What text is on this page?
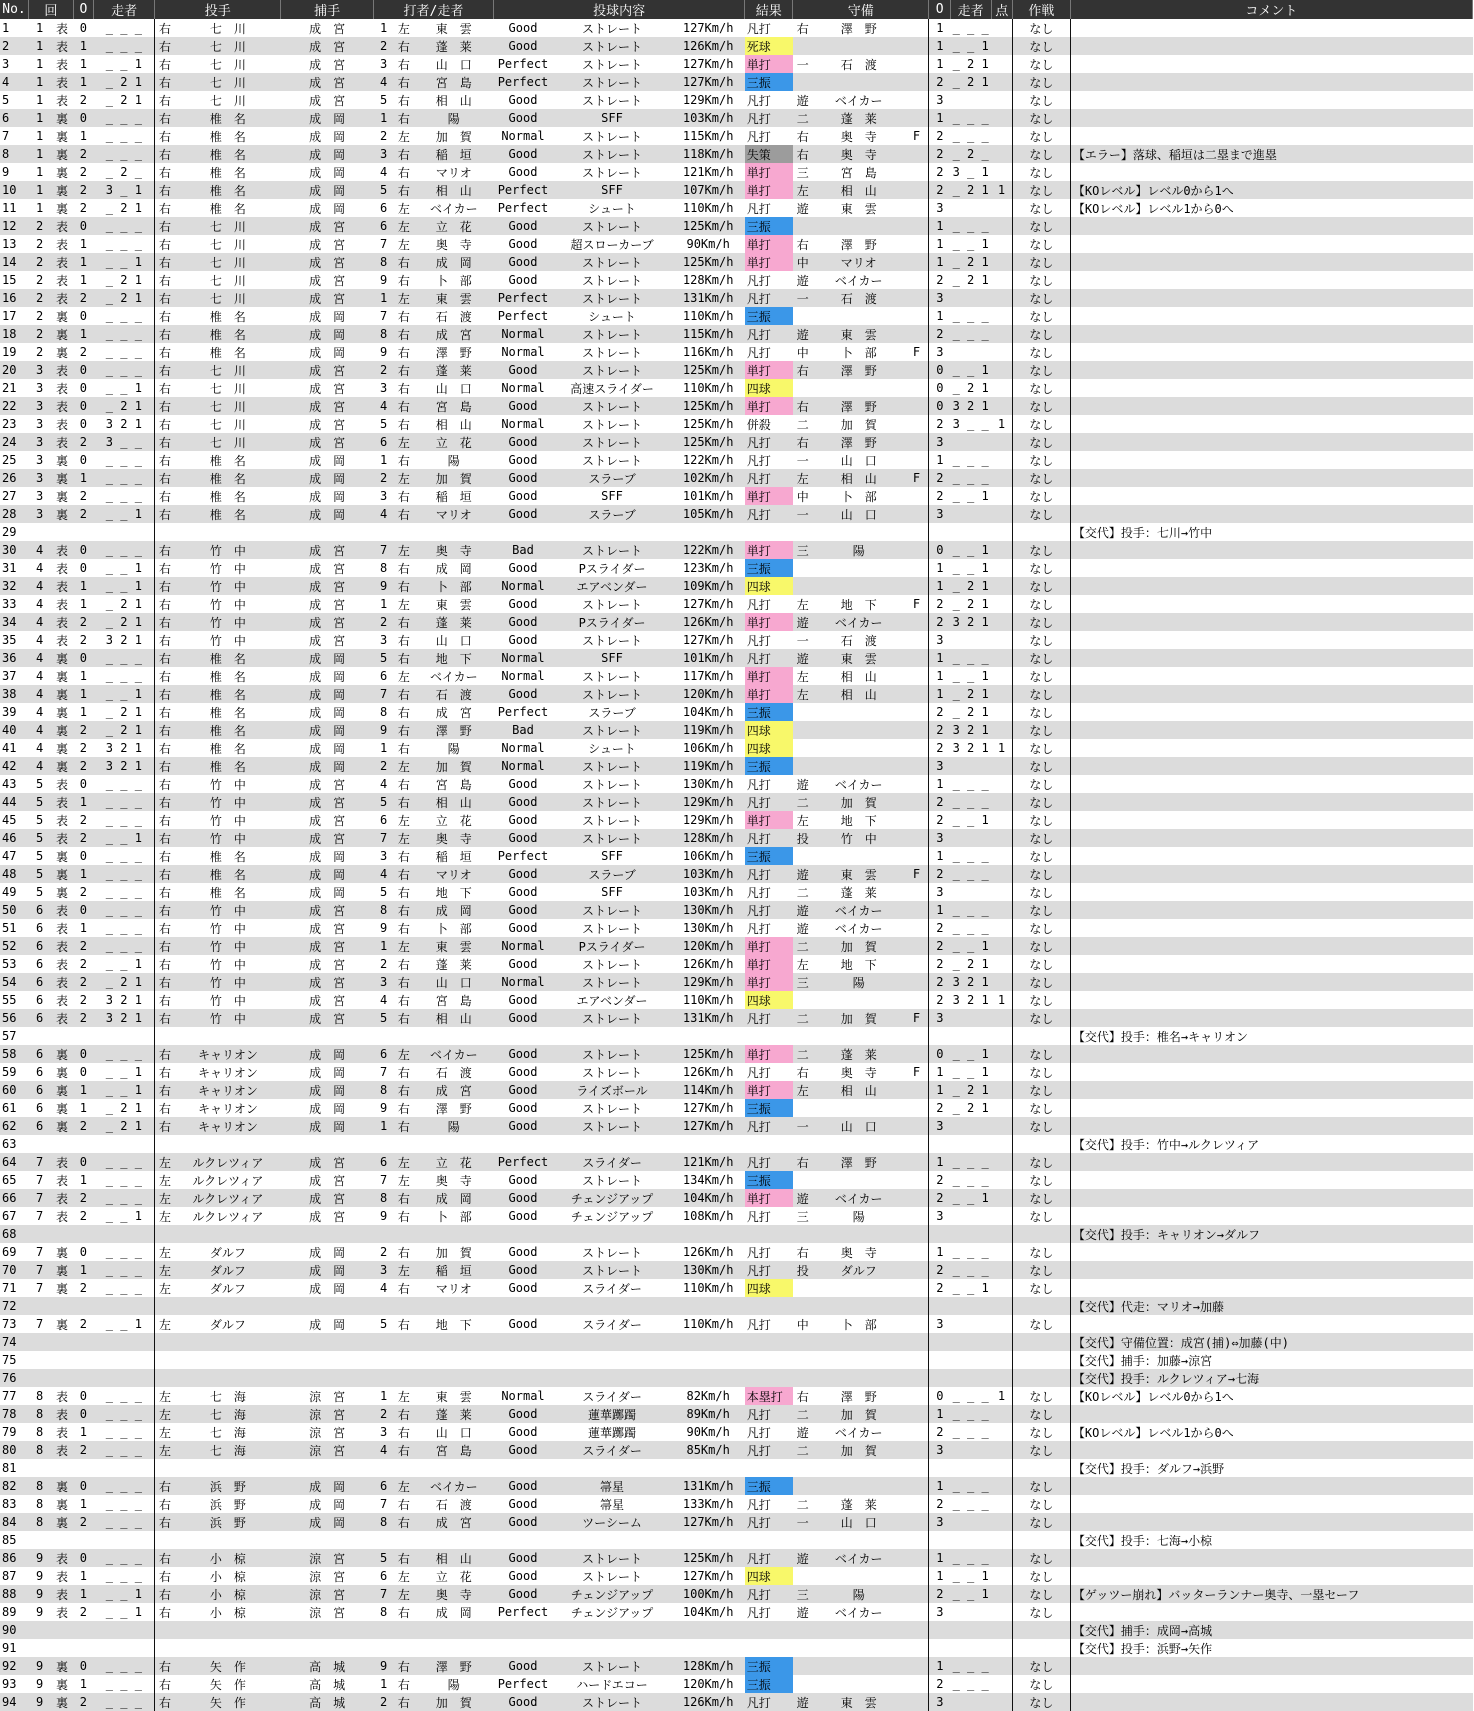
No.	回		O	走者	投手		捕手	打者/走者			投球内容			結果	守備			O	走者	点	作戦	コメント
1	1	表	0	_ _ _	右	七　川	成　宮	1	左	東　雲	Good	ストレート	127Km/h	凡打	右	澤　野		1	_ _ _		なし	
2	1	表	1	_ _ _	右	七　川	成　宮	2	右	蓬　莱	Good	ストレート	126Km/h	死球				1	_ _ 1		なし	
3	1	表	1	_ _ 1	右	七　川	成　宮	3	右	山　口	Perfect	ストレート	127Km/h	単打	一	石　渡		1	_ 2 1		なし	
4	1	表	1	_ 2 1	右	七　川	成　宮	4	右	宮　島	Perfect	ストレート	127Km/h	三振				2	_ 2 1		なし	
5	1	表	2	_ 2 1	右	七　川	成　宮	5	右	相　山	Good	ストレート	129Km/h	凡打	遊	ベイカー		3			なし	
6	1	裏	0	_ _ _	右	椎　名	成　岡	1	右	陽	Good	SFF	103Km/h	凡打	二	蓬　莱		1	_ _ _		なし	
7	1	裏	1	_ _ _	右	椎　名	成　岡	2	左	加　賀	Normal	ストレート	115Km/h	凡打	右	奥　寺	F	2	_ _ _		なし	
8	1	裏	2	_ _ _	右	椎　名	成　岡	3	右	稲　垣	Good	ストレート	118Km/h	失策	右	奥　寺		2	_ 2 _		なし	【エラー】落球、稲垣は二塁まで進塁
9	1	裏	2	_ 2 _	右	椎　名	成　岡	4	右	マリオ	Good	ストレート	121Km/h	単打	三	宮　島		2	3 _ 1		なし	
10	1	裏	2	3 _ 1	右	椎　名	成　岡	5	右	相　山	Perfect	SFF	107Km/h	単打	左	相　山		2	_ 2 1	1	なし	【KOレベル】レベル0から1へ
11	1	裏	2	_ 2 1	右	椎　名	成　岡	6	左	ベイカー	Perfect	シュート	110Km/h	凡打	遊	東　雲		3			なし	【KOレベル】レベル1から0へ
12	2	表	0	_ _ _	右	七　川	成　宮	6	左	立　花	Good	ストレート	125Km/h	三振				1	_ _ _		なし	
13	2	表	1	_ _ _	右	七　川	成　宮	7	左	奥　寺	Good	超スローカーブ	90Km/h	単打	右	澤　野		1	_ _ 1		なし	
14	2	表	1	_ _ 1	右	七　川	成　宮	8	右	成　岡	Good	ストレート	125Km/h	単打	中	マリオ		1	_ 2 1		なし	
15	2	表	1	_ 2 1	右	七　川	成　宮	9	右	卜　部	Good	ストレート	128Km/h	凡打	遊	ベイカー		2	_ 2 1		なし	
16	2	表	2	_ 2 1	右	七　川	成　宮	1	左	東　雲	Perfect	ストレート	131Km/h	凡打	一	石　渡		3			なし	
17	2	裏	0	_ _ _	右	椎　名	成　岡	7	右	石　渡	Perfect	シュート	110Km/h	三振				1	_ _ _		なし	
18	2	裏	1	_ _ _	右	椎　名	成　岡	8	右	成　宮	Normal	ストレート	115Km/h	凡打	遊	東　雲		2	_ _ _		なし	
19	2	裏	2	_ _ _	右	椎　名	成　岡	9	右	澤　野	Normal	ストレート	116Km/h	凡打	中	卜　部	F	3			なし	
20	3	表	0	_ _ _	右	七　川	成　宮	2	右	蓬　莱	Good	ストレート	125Km/h	単打	右	澤　野		0	_ _ 1		なし	
21	3	表	0	_ _ 1	右	七　川	成　宮	3	右	山　口	Normal	高速スライダー	110Km/h	四球				0	_ 2 1		なし	
22	3	表	0	_ 2 1	右	七　川	成　宮	4	右	宮　島	Good	ストレート	125Km/h	単打	右	澤　野		0	3 2 1		なし	
23	3	表	0	3 2 1	右	七　川	成　宮	5	右	相　山	Normal	ストレート	125Km/h	併殺	二	加　賀		2	3 _ _	1	なし	
24	3	表	2	3 _ _	右	七　川	成　宮	6	左	立　花	Good	ストレート	125Km/h	凡打	右	澤　野		3			なし	
25	3	裏	0	_ _ _	右	椎　名	成　岡	1	右	陽	Good	ストレート	122Km/h	凡打	一	山　口		1	_ _ _		なし	
26	3	裏	1	_ _ _	右	椎　名	成　岡	2	左	加　賀	Good	スラーブ	102Km/h	凡打	左	相　山	F	2	_ _ _		なし	
27	3	裏	2	_ _ _	右	椎　名	成　岡	3	右	稲　垣	Good	SFF	101Km/h	単打	中	卜　部		2	_ _ 1		なし	
28	3	裏	2	_ _ 1	右	椎　名	成　岡	4	右	マリオ	Good	スラーブ	105Km/h	凡打	一	山　口		3			なし	
29																						【交代】投手：七川→竹中
30	4	表	0	_ _ _	右	竹　中	成　宮	7	左	奥　寺	Bad	ストレート	122Km/h	単打	三	陽		0	_ _ 1		なし	
31	4	表	0	_ _ 1	右	竹　中	成　宮	8	右	成　岡	Good	Pスライダー	123Km/h	三振				1	_ _ 1		なし	
32	4	表	1	_ _ 1	右	竹　中	成　宮	9	右	卜　部	Normal	エアベンダー	109Km/h	四球				1	_ 2 1		なし	
33	4	表	1	_ 2 1	右	竹　中	成　宮	1	左	東　雲	Good	ストレート	127Km/h	凡打	左	地　下	F	2	_ 2 1		なし	
34	4	表	2	_ 2 1	右	竹　中	成　宮	2	右	蓬　莱	Good	Pスライダー	126Km/h	単打	遊	ベイカー		2	3 2 1		なし	
35	4	表	2	3 2 1	右	竹　中	成　宮	3	右	山　口	Good	ストレート	127Km/h	凡打	一	石　渡		3			なし	
36	4	裏	0	_ _ _	右	椎　名	成　岡	5	右	地　下	Normal	SFF	101Km/h	凡打	遊	東　雲		1	_ _ _		なし	
37	4	裏	1	_ _ _	右	椎　名	成　岡	6	左	ベイカー	Normal	ストレート	117Km/h	単打	左	相　山		1	_ _ 1		なし	
38	4	裏	1	_ _ 1	右	椎　名	成　岡	7	右	石　渡	Good	ストレート	120Km/h	単打	左	相　山		1	_ 2 1		なし	
39	4	裏	1	_ 2 1	右	椎　名	成　岡	8	右	成　宮	Perfect	スラーブ	104Km/h	三振				2	_ 2 1		なし	
40	4	裏	2	_ 2 1	右	椎　名	成　岡	9	右	澤　野	Bad	ストレート	119Km/h	四球				2	3 2 1		なし	
41	4	裏	2	3 2 1	右	椎　名	成　岡	1	右	陽	Normal	シュート	106Km/h	四球				2	3 2 1	1	なし	
42	4	裏	2	3 2 1	右	椎　名	成　岡	2	左	加　賀	Normal	ストレート	119Km/h	三振				3			なし	
43	5	表	0	_ _ _	右	竹　中	成　宮	4	右	宮　島	Good	ストレート	130Km/h	凡打	遊	ベイカー		1	_ _ _		なし	
44	5	表	1	_ _ _	右	竹　中	成　宮	5	右	相　山	Good	ストレート	129Km/h	凡打	二	加　賀		2	_ _ _		なし	
45	5	表	2	_ _ _	右	竹　中	成　宮	6	左	立　花	Good	ストレート	129Km/h	単打	左	地　下		2	_ _ 1		なし	
46	5	表	2	_ _ 1	右	竹　中	成　宮	7	左	奥　寺	Good	ストレート	128Km/h	凡打	投	竹　中		3			なし	
47	5	裏	0	_ _ _	右	椎　名	成　岡	3	右	稲　垣	Perfect	SFF	106Km/h	三振				1	_ _ _		なし	
48	5	裏	1	_ _ _	右	椎　名	成　岡	4	右	マリオ	Good	スラーブ	103Km/h	凡打	遊	東　雲	F	2	_ _ _		なし	
49	5	裏	2	_ _ _	右	椎　名	成　岡	5	右	地　下	Good	SFF	103Km/h	凡打	二	蓬　莱		3			なし	
50	6	表	0	_ _ _	右	竹　中	成　宮	8	右	成　岡	Good	ストレート	130Km/h	凡打	遊	ベイカー		1	_ _ _		なし	
51	6	表	1	_ _ _	右	竹　中	成　宮	9	右	卜　部	Good	ストレート	130Km/h	凡打	遊	ベイカー		2	_ _ _		なし	
52	6	表	2	_ _ _	右	竹　中	成　宮	1	左	東　雲	Normal	Pスライダー	120Km/h	単打	二	加　賀		2	_ _ 1		なし	
53	6	表	2	_ _ 1	右	竹　中	成　宮	2	右	蓬　莱	Good	ストレート	126Km/h	単打	左	地　下		2	_ 2 1		なし	
54	6	表	2	_ 2 1	右	竹　中	成　宮	3	右	山　口	Normal	ストレート	129Km/h	単打	三	陽		2	3 2 1		なし	
55	6	表	2	3 2 1	右	竹　中	成　宮	4	右	宮　島	Good	エアベンダー	110Km/h	四球				2	3 2 1	1	なし	
56	6	表	2	3 2 1	右	竹　中	成　宮	5	右	相　山	Good	ストレート	131Km/h	凡打	二	加　賀	F	3			なし	
57																						【交代】投手：椎名→キャリオン
58	6	裏	0	_ _ _	右	キャリオン	成　岡	6	左	ベイカー	Good	ストレート	125Km/h	単打	二	蓬　莱		0	_ _ 1		なし	
59	6	裏	0	_ _ 1	右	キャリオン	成　岡	7	右	石　渡	Good	ストレート	126Km/h	凡打	右	奥　寺	F	1	_ _ 1		なし	
60	6	裏	1	_ _ 1	右	キャリオン	成　岡	8	右	成　宮	Good	ライズボール	114Km/h	単打	左	相　山		1	_ 2 1		なし	
61	6	裏	1	_ 2 1	右	キャリオン	成　岡	9	右	澤　野	Good	ストレート	127Km/h	三振				2	_ 2 1		なし	
62	6	裏	2	_ 2 1	右	キャリオン	成　岡	1	右	陽	Good	ストレート	127Km/h	凡打	一	山　口		3			なし	
63																						【交代】投手：竹中→ルクレツィア
64	7	表	0	_ _ _	左	ルクレツィア	成　宮	6	左	立　花	Perfect	スライダー	121Km/h	凡打	右	澤　野		1	_ _ _		なし	
65	7	表	1	_ _ _	左	ルクレツィア	成　宮	7	左	奥　寺	Good	ストレート	134Km/h	三振				2	_ _ _		なし	
66	7	表	2	_ _ _	左	ルクレツィア	成　宮	8	右	成　岡	Good	チェンジアップ	104Km/h	単打	遊	ベイカー		2	_ _ 1		なし	
67	7	表	2	_ _ 1	左	ルクレツィア	成　宮	9	右	卜　部	Good	チェンジアップ	108Km/h	凡打	三	陽		3			なし	
68																						【交代】投手：キャリオン→ダルフ
69	7	裏	0	_ _ _	左	ダルフ	成　岡	2	右	加　賀	Good	ストレート	126Km/h	凡打	右	奥　寺		1	_ _ _		なし	
70	7	裏	1	_ _ _	左	ダルフ	成　岡	3	左	稲　垣	Good	ストレート	130Km/h	凡打	投	ダルフ		2	_ _ _		なし	
71	7	裏	2	_ _ _	左	ダルフ	成　岡	4	右	マリオ	Good	スライダー	110Km/h	四球				2	_ _ 1		なし	
72																						【交代】代走：マリオ→加藤
73	7	裏	2	_ _ 1	左	ダルフ	成　岡	5	右	地　下	Good	スライダー	110Km/h	凡打	中	卜　部		3			なし	
74																						【交代】守備位置：成宮(捕)⇔加藤(中)
75																						【交代】捕手：加藤→涼宮
76																						【交代】投手：ルクレツィア→七海
77	8	表	0	_ _ _	左	七　海	涼　宮	1	左	東　雲	Normal	スライダー	82Km/h	本塁打	右	澤　野		0	_ _ _	1	なし	【KOレベル】レベル0から1へ
78	8	表	0	_ _ _	左	七　海	涼　宮	2	右	蓬　莱	Good	蓮華躑躅	89Km/h	凡打	二	加　賀		1	_ _ _		なし	
79	8	表	1	_ _ _	左	七　海	涼　宮	3	右	山　口	Good	蓮華躑躅	90Km/h	凡打	遊	ベイカー		2	_ _ _		なし	【KOレベル】レベル1から0へ
80	8	表	2	_ _ _	左	七　海	涼　宮	4	右	宮　島	Good	スライダー	85Km/h	凡打	二	加　賀		3			なし	
81																						【交代】投手：ダルフ→浜野
82	8	裏	0	_ _ _	右	浜　野	成　岡	6	左	ベイカー	Good	箒星	131Km/h	三振				1	_ _ _		なし	
83	8	裏	1	_ _ _	右	浜　野	成　岡	7	右	石　渡	Good	箒星	133Km/h	凡打	二	蓬　莱		2	_ _ _		なし	
84	8	裏	2	_ _ _	右	浜　野	成　岡	8	右	成　宮	Good	ツーシーム	127Km/h	凡打	一	山　口		3			なし	
85																						【交代】投手：七海→小椋
86	9	表	0	_ _ _	右	小　椋	涼　宮	5	右	相　山	Good	ストレート	125Km/h	凡打	遊	ベイカー		1	_ _ _		なし	
87	9	表	1	_ _ _	右	小　椋	涼　宮	6	左	立　花	Good	ストレート	127Km/h	四球				1	_ _ 1		なし	
88	9	表	1	_ _ 1	右	小　椋	涼　宮	7	左	奥　寺	Good	チェンジアップ	100Km/h	凡打	三	陽		2	_ _ 1		なし	【ゲッツー崩れ】バッターランナー奥寺、一塁セーフ
89	9	表	2	_ _ 1	右	小　椋	涼　宮	8	右	成　岡	Perfect	チェンジアップ	104Km/h	凡打	遊	ベイカー		3			なし	
90																						【交代】捕手：成岡→高城
91																						【交代】投手：浜野→矢作
92	9	裏	0	_ _ _	右	矢　作	高　城	9	右	澤　野	Good	ストレート	128Km/h	三振				1	_ _ _		なし	
93	9	裏	1	_ _ _	右	矢　作	高　城	1	右	陽	Perfect	ハードエコー	120Km/h	三振				2	_ _ _		なし	
94	9	裏	2	_ _ _	右	矢　作	高　城	2	右	加　賀	Good	ストレート	126Km/h	凡打	遊	東　雲		3			なし	
